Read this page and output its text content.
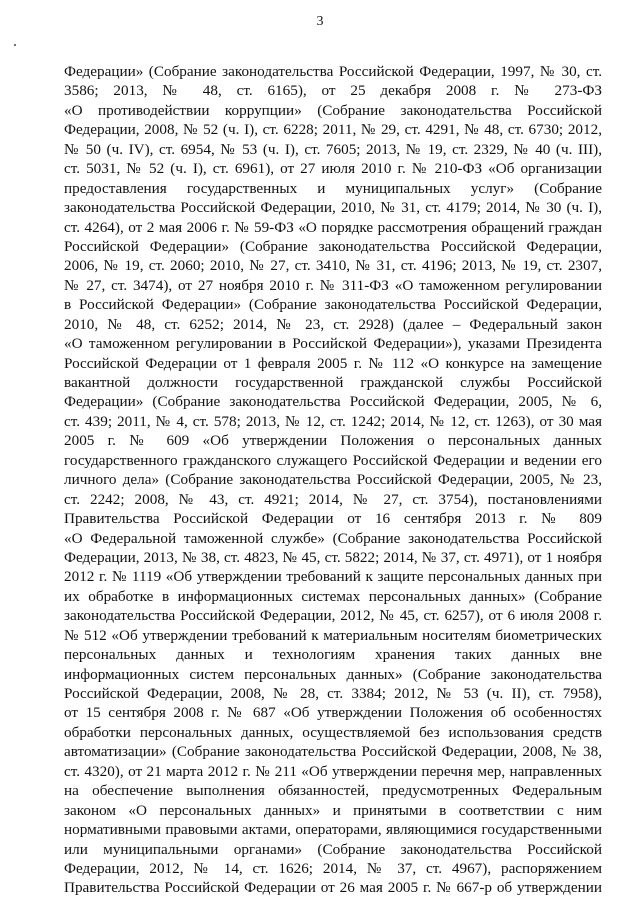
3
Федерации» (Собрание законодательства Российской Федерации, 1997, № 30, ст.
3586; 2013, № 48, ст. 6165), от 25 декабря 2008 г. № 273-ФЗ
«О противодействии коррупции» (Собрание законодательства Российской
Федерации, 2008, № 52 (ч. I), ст. 6228; 2011, № 29, ст. 4291, № 48, ст. 6730; 2012,
№ 50 (ч. IV), ст. 6954, № 53 (ч. I), ст. 7605; 2013, № 19, ст. 2329, № 40 (ч. III),
ст. 5031, № 52 (ч. I), ст. 6961), от 27 июля 2010 г. № 210-ФЗ «Об организации
предоставления государственных и муниципальных услуг» (Собрание
законодательства Российской Федерации, 2010, № 31, ст. 4179; 2014, № 30 (ч. I),
ст. 4264), от 2 мая 2006 г. № 59-ФЗ «О порядке рассмотрения обращений граждан
Российской Федерации» (Собрание законодательства Российской Федерации,
2006, № 19, ст. 2060; 2010, № 27, ст. 3410, № 31, ст. 4196; 2013, № 19, ст. 2307,
№ 27, ст. 3474), от 27 ноября 2010 г. № 311-ФЗ «О таможенном регулировании
в Российской Федерации» (Собрание законодательства Российской Федерации,
2010, № 48, ст. 6252; 2014, № 23, ст. 2928) (далее – Федеральный закон
«О таможенном регулировании в Российской Федерации»), указами Президента
Российской Федерации от 1 февраля 2005 г. № 112 «О конкурсе на замещение
вакантной должности государственной гражданской службы Российской
Федерации» (Собрание законодательства Российской Федерации, 2005, № 6,
ст. 439; 2011, № 4, ст. 578; 2013, № 12, ст. 1242; 2014, № 12, ст. 1263), от 30 мая
2005 г. № 609 «Об утверждении Положения о персональных данных
государственного гражданского служащего Российской Федерации и ведении его
личного дела» (Собрание законодательства Российской Федерации, 2005, № 23,
ст. 2242; 2008, № 43, ст. 4921; 2014, № 27, ст. 3754), постановлениями
Правительства Российской Федерации от 16 сентября 2013 г. № 809
«О Федеральной таможенной службе» (Собрание законодательства Российской
Федерации, 2013, № 38, ст. 4823, № 45, ст. 5822; 2014, № 37, ст. 4971), от 1 ноября
2012 г. № 1119 «Об утверждении требований к защите персональных данных при
их обработке в информационных системах персональных данных» (Собрание
законодательства Российской Федерации, 2012, № 45, ст. 6257), от 6 июля 2008 г.
№ 512 «Об утверждении требований к материальным носителям биометрических
персональных данных и технологиям хранения таких данных вне
информационных систем персональных данных» (Собрание законодательства
Российской Федерации, 2008, № 28, ст. 3384; 2012, № 53 (ч. II), ст. 7958),
от 15 сентября 2008 г. № 687 «Об утверждении Положения об особенностях
обработки персональных данных, осуществляемой без использования средств
автоматизации» (Собрание законодательства Российской Федерации, 2008, № 38,
ст. 4320), от 21 марта 2012 г. № 211 «Об утверждении перечня мер, направленных
на обеспечение выполнения обязанностей, предусмотренных Федеральным
законом «О персональных данных» и принятыми в соответствии с ним
нормативными правовыми актами, операторами, являющимися государственными
или муниципальными органами» (Собрание законодательства Российской
Федерации, 2012, № 14, ст. 1626; 2014, № 37, ст. 4967), распоряжением
Правительства Российской Федерации от 26 мая 2005 г. № 667-р об утверждении
